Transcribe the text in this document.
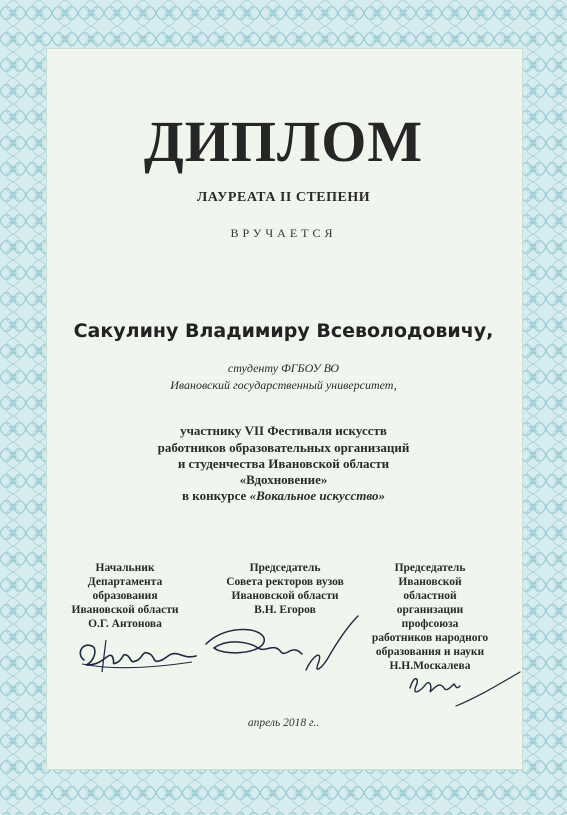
ДИПЛОМ
ЛАУРЕАТА II СТЕПЕНИ
ВРУЧАЕТСЯ
Сакулину Владимиру Всеволодовичу,
студенту ФГБОУ ВО
Ивановский государственный университет,
участнику VII Фестиваля искусств
работников образовательных организаций
и студенчества Ивановской области
«Вдохновение»
в конкурсе «Вокальное искусство»
Начальник
Департамента
образования
Ивановской области
О.Г. Антонова
Председатель
Совета ректоров вузов
Ивановской области
В.Н. Егоров
Председатель
Ивановской
областной
организации
профсоюза
работников народного
образования и науки
Н.Н.Москалева
апрель 2018 г..
